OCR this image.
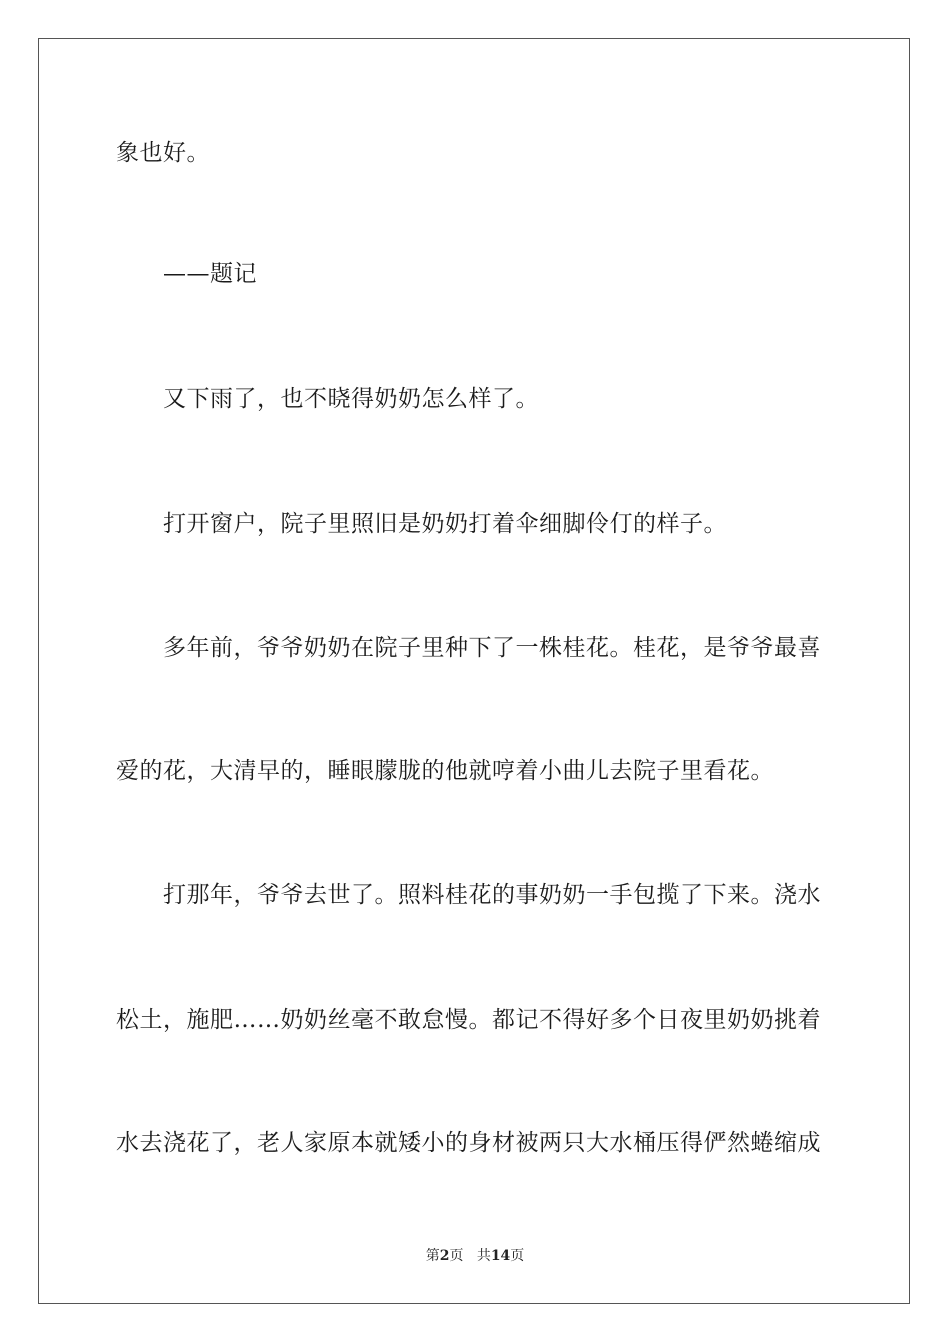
象也好。
——题记
又下雨了，也不晓得奶奶怎么样了。
打开窗户，院子里照旧是奶奶打着伞细脚伶仃的样子。
多年前，爷爷奶奶在院子里种下了一株桂花。桂花，是爷爷最喜
爱的花，大清早的，睡眼朦胧的他就哼着小曲儿去院子里看花。
打那年，爷爷去世了。照料桂花的事奶奶一手包揽了下来。浇水
松土，施肥……奶奶丝毫不敢怠慢。都记不得好多个日夜里奶奶挑着
水去浇花了，老人家原本就矮小的身材被两只大水桶压得俨然蜷缩成
第2页 共14页
